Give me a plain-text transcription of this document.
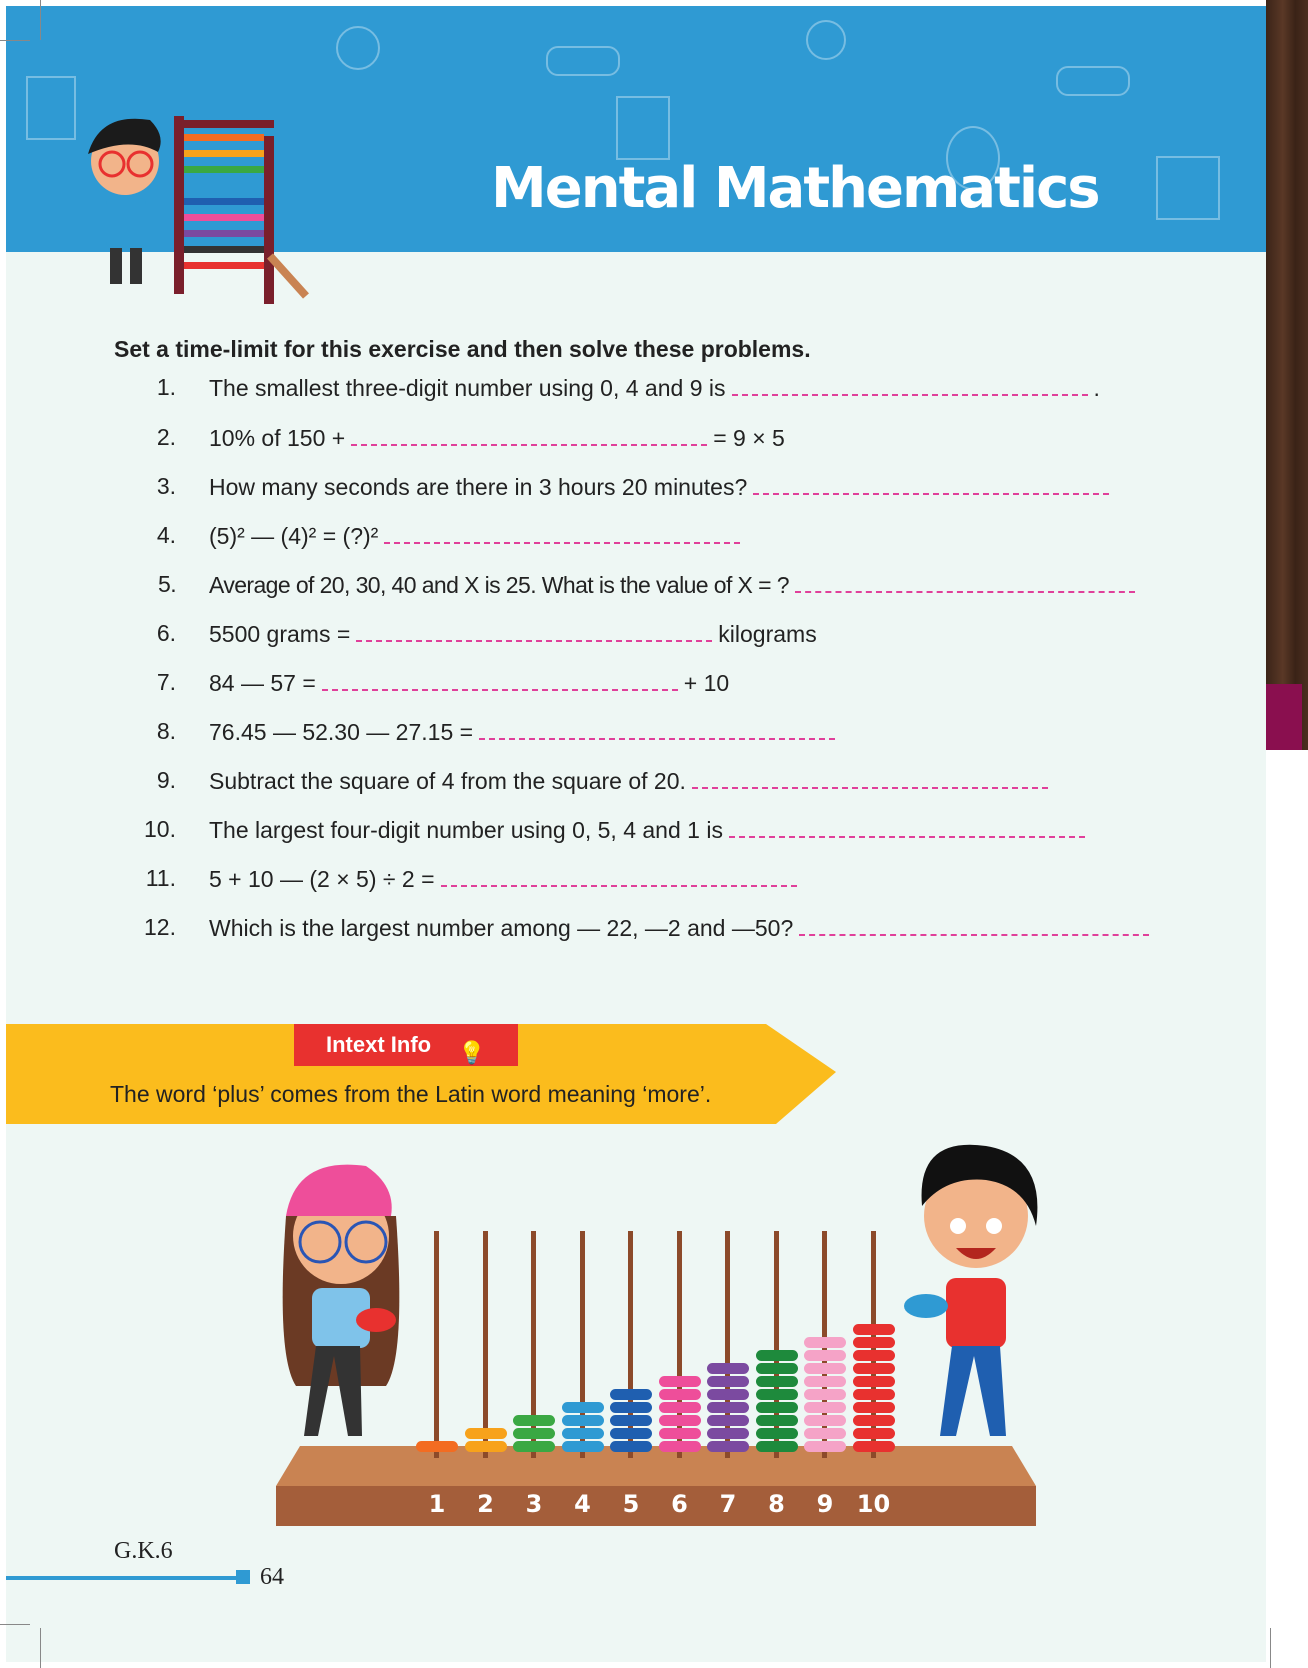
Mental Mathematics
Set a time-limit for this exercise and then solve these problems.
1. The smallest three-digit number using 0, 4 and 9 is	.
2. 10% of 150 +	= 9 × 5
3. How many seconds are there in 3 hours 20 minutes?
4. (5)² — (4)² = (?)²
5. Average of 20, 30, 40 and X is 25. What is the value of X = ?
6. 5500 grams =	kilograms
7. 84 — 57 =	+ 10
8. 76.45 — 52.30 — 27.15 =
9. Subtract the square of 4 from the square of 20.
10. The largest four-digit number using 0, 5, 4 and 1 is
11. 5 + 10 — (2 × 5) ÷ 2 =
12. Which is the largest number among — 22, —2 and —50?
Intext Info 💡
The word ‘plus’ comes from the Latin word meaning ‘more’.
1	2	3	4	5	6	7	8	9 10
G.K.6
64
